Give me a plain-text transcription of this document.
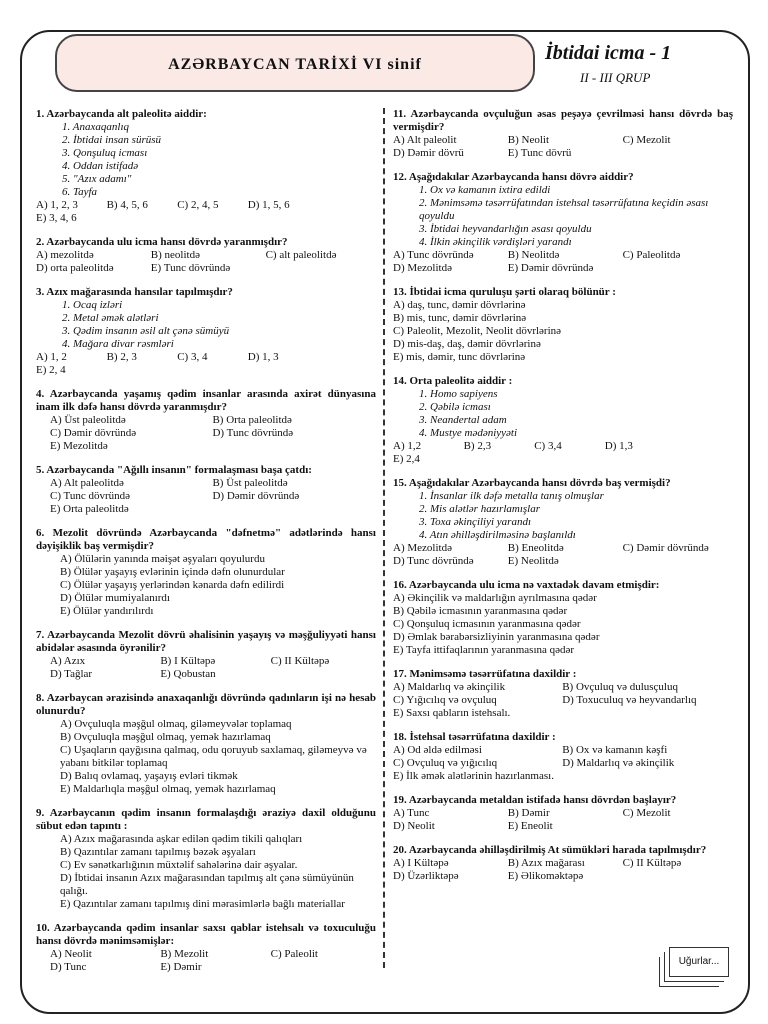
AZƏRBAYCAN TARİXİ VI sinif
İbtidai icma - 1
II - III QRUP
1. Azərbaycanda alt paleolitə aiddir:
1. Anaxaqanlıq
2. İbtidai insan sürüsü
3. Qonşuluq icması
4. Oddan istifadə
5. "Azıx adamı"
6. Tayfa
A) 1, 2, 3	B) 4, 5, 6	C) 2, 4, 5	D) 1, 5, 6
E) 3, 4, 6
2. Azərbaycanda ulu icma hansı dövrdə yaranmışdır?
A) mezolitdə	B) neolitdə	C) alt paleolitdə
D) orta paleolitdə	E) Tunc dövründə
3. Azıx mağarasında hansılar tapılmışdır?
1. Ocaq izləri
2. Metal əmək alətləri
3. Qədim insanın əsil alt çənə sümüyü
4. Mağara divar rəsmləri
A) 1, 2	B) 2, 3	C) 3, 4	D) 1, 3
E) 2, 4
4. Azərbaycanda yaşamış qədim insanlar arasında axirət dünyasına inam ilk dəfə hansı dövrdə yaranmışdır?
A) Üst paleolitdə	B) Orta paleolitdə
C) Dəmir dövründə	D) Tunc dövründə
E) Mezolitdə
5. Azərbaycanda "Ağıllı insanın" formalaşması başa çatdı:
A) Alt paleolitdə	B) Üst paleolitdə
C) Tunc dövründə	D) Dəmir dövründə
E) Orta paleolitdə
6. Mezolit dövründə Azərbaycanda "dəfnetmə" adətlərində hansı dəyişiklik baş vermişdir?
A) Ölülərin yanında məişət əşyaları qoyulurdu
B) Ölülər yaşayış evlərinin içində dəfn olunurdular
C) Ölülər yaşayış yerlərindən kənarda dəfn edilirdi
D) Ölülər mumiyalanırdı
E) Ölülər yandırılırdı
7. Azərbaycanda Mezolit dövrü əhalisinin yaşayış və məşğuliyyəti hansı abidələr əsasında öyrənilir?
A) Azıx	B) I Kültəpə	C) II Kültəpə
D) Tağlar	E) Qobustan
8. Azərbaycan ərazisində anaxaqanlığı dövründə qadınların işi nə hesab olunurdu?
A) Ovçuluqla məşğul olmaq, giləmeyvələr toplamaq
B) Ovçuluqla məşğul olmaq, yemək hazırlamaq
C) Uşaqların qayğısına qalmaq, odu qoruyub saxlamaq, giləmeyvə və yabanı bitkilər toplamaq
D) Balıq ovlamaq, yaşayış evləri tikmək
E) Maldarlıqla məşğul olmaq, yemək hazırlamaq
9. Azərbaycanın qədim insanın formalaşdığı əraziyə daxil olduğunu sübut edən tapıntı :
A) Azıx mağarasında aşkar edilən qədim tikili qalıqları
B) Qazıntılar zamanı tapılmış bəzək əşyaları
C) Ev sənətkarlığının müxtəlif sahələrinə dair əşyalar.
D) İbtidai insanın Azıx mağarasından tapılmış alt çənə sümüyünün qalığı.
E) Qazıntılar zamanı tapılmış dini mərasimlərlə bağlı materiallar
10. Azərbaycanda qədim insanlar saxsı qablar istehsalı və toxuculuğu hansı dövrdə mənimsəmişlər:
A) Neolit	B) Mezolit	C) Paleolit
D) Tunc	E) Dəmir
11. Azərbaycanda ovçuluğun əsas peşəyə çevrilməsi hansı dövrdə baş vermişdir?
A) Alt paleolit	B) Neolit	C) Mezolit
D) Dəmir dövrü	E) Tunc dövrü
12. Aşağıdakılar Azərbaycanda hansı dövrə aiddir?
1. Ox və kamanın ixtira edildi
2. Mənimsəmə təsərrüfatından istehsal təsərrüfatına keçidin əsası qoyuldu
3. İbtidai heyvandarlığın əsası qoyuldu
4. İlkin əkinçilik vərdişləri yarandı
A) Tunc dövründə	B) Neolitdə	C) Paleolitdə
D) Mezolitdə	E) Dəmir dövründə
13. İbtidai icma quruluşu şərti olaraq bölünür :
A) daş, tunc, dəmir dövrlərinə
B) mis, tunc, dəmir dövrlərinə
C) Paleolit, Mezolit, Neolit dövrlərinə
D) mis-daş, daş, dəmir dövrlərinə
E) mis, dəmir, tunc dövrlərinə
14. Orta paleolitə aiddir :
1. Homo sapiyens
2. Qəbilə icması
3. Neandertal adam
4. Mustye mədəniyyəti
A) 1,2	B) 2,3	C) 3,4	D) 1,3
E) 2,4
15. Aşağıdakılar Azərbaycanda hansı dövrdə baş vermişdi?
1. İnsanlar ilk dəfə metalla tanış olmuşlar
2. Mis alətlər hazırlamışlar
3. Toxa əkinçiliyi yarandı
4. Atın əhilləşdirilməsinə başlanıldı
A) Mezolitdə	B) Eneolitdə	C) Dəmir dövründə
D) Tunc dövründə	E) Neolitdə
16. Azərbaycanda ulu icma nə vaxtadək davam etmişdir:
A) Əkinçilik və maldarlığın ayrılmasına qədər
B) Qəbilə icmasının yaranmasına qədər
C) Qonşuluq icmasının yaranmasına qədər
D) Əmlak bərabərsizliyinin yaranmasına qədər
E) Tayfa ittifaqlarının yaranmasına qədər
17. Mənimsəmə təsərrüfatına daxildir :
A) Maldarlıq və əkinçilik	B) Ovçuluq və dulusçuluq
C) Yığıcılıq və ovçuluq	D) Toxuculuq və heyvandarlıq
E) Saxsı qabların istehsalı.
18. İstehsal təsərrüfatına daxildir :
A) Od əldə edilməsi	B) Ox və kamanın kəşfi
C) Ovçuluq və yığıcılıq	D) Maldarlıq və əkinçilik
E) İlk əmək alətlərinin hazırlanması.
19. Azərbaycanda metaldan istifadə hansı dövrdən başlayır?
A) Tunc	B) Dəmir	C) Mezolit
D) Neolit	E) Eneolit
20. Azərbaycanda əhilləşdirilmiş At sümükləri harada tapılmışdır?
A) I Kültəpə	B) Azıx mağarası	C) II Kültəpə
D) Üzərliktəpə	E) Əlikoməktəpə
Uğurlar...
